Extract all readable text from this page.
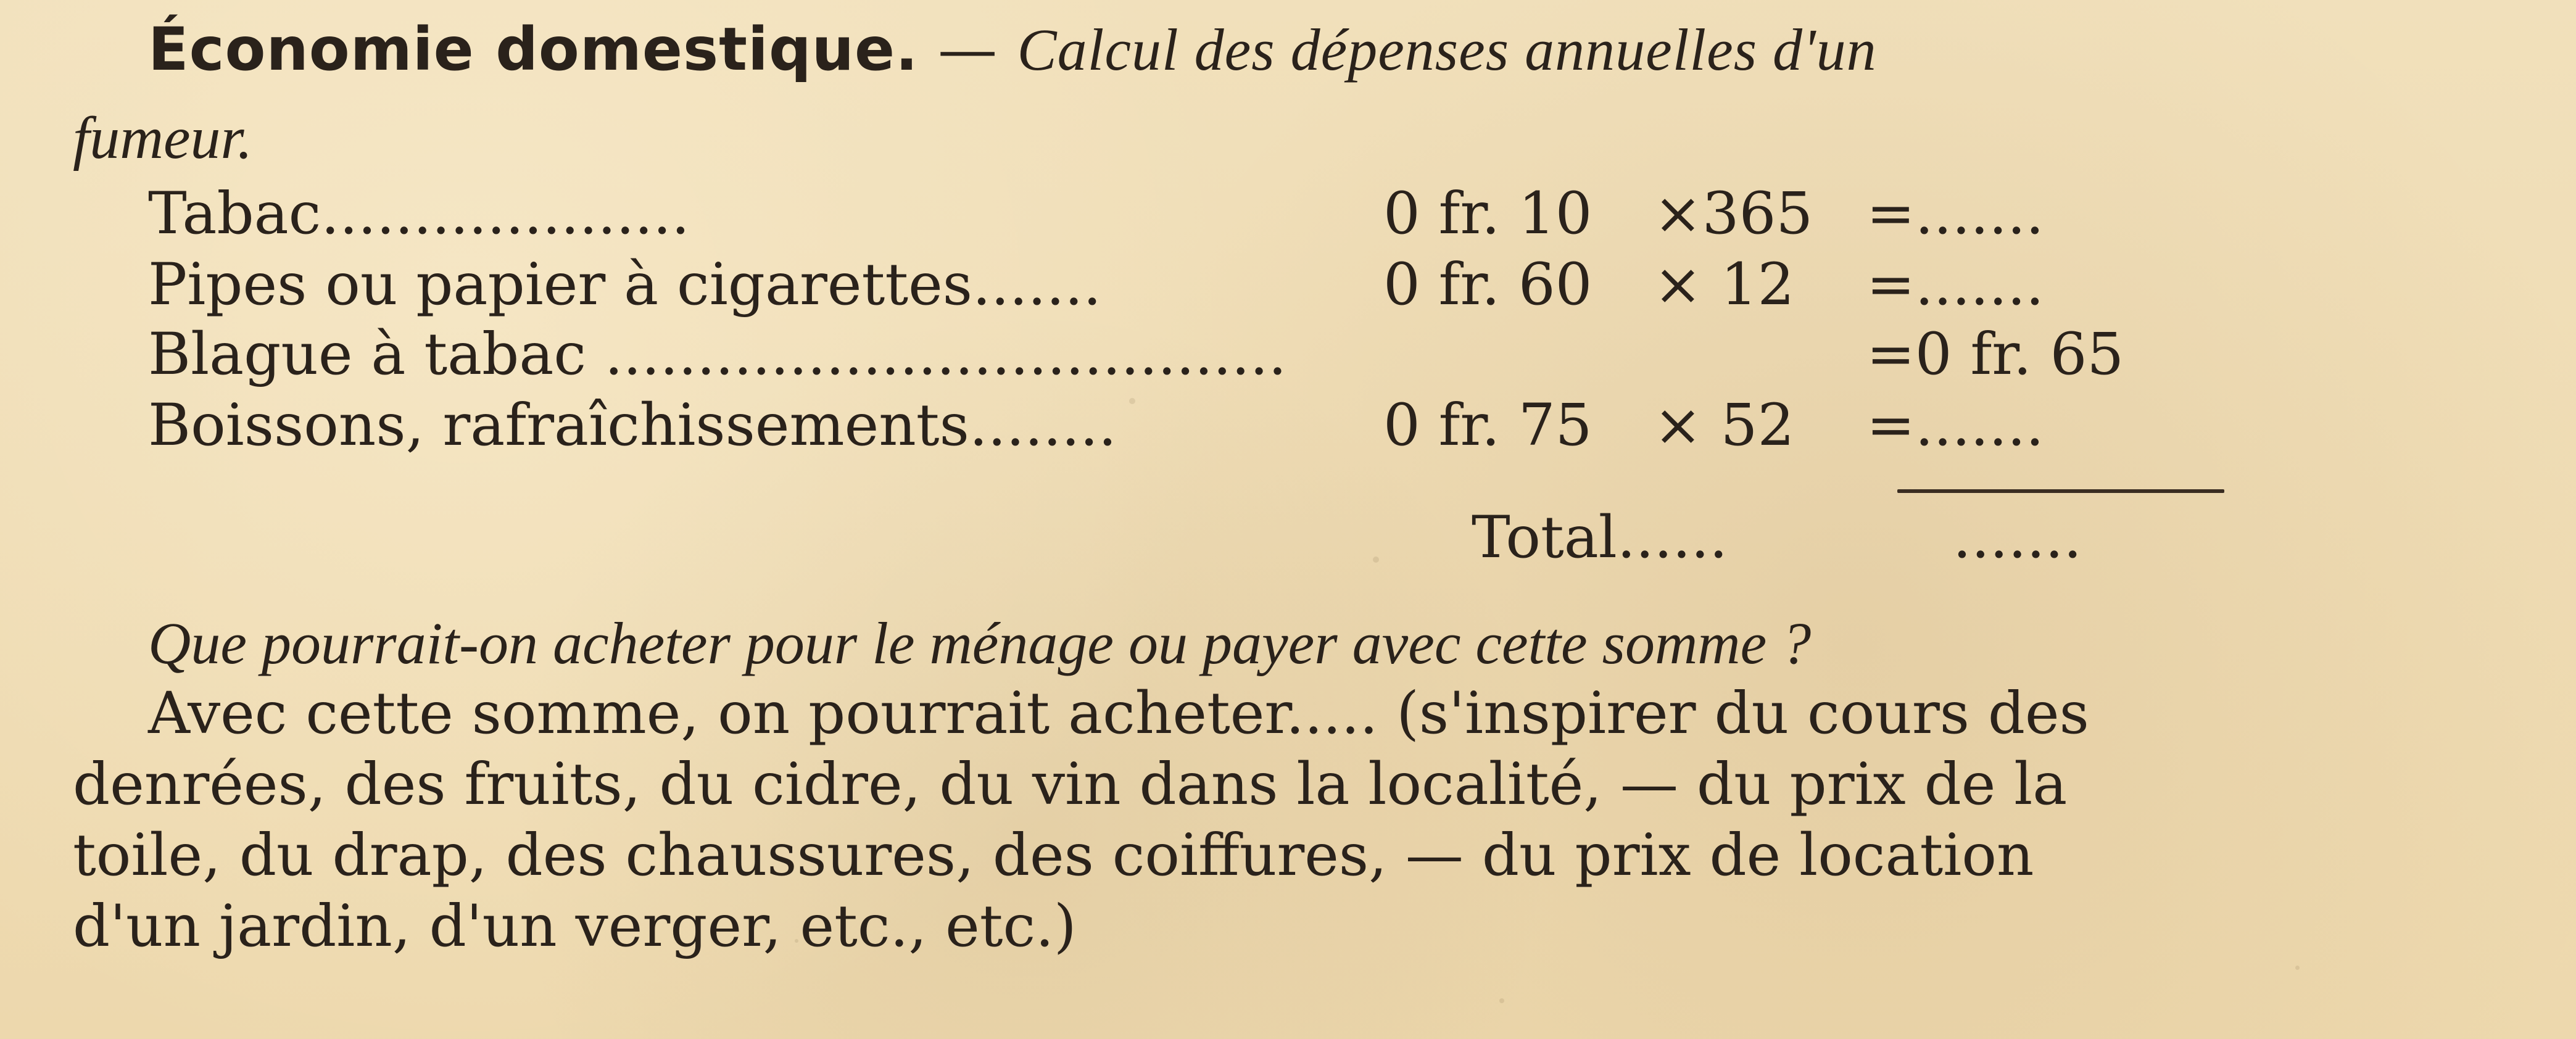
Économie domestique. — Calcul des dépenses annuelles d'un
fumeur.
Tabac....................	0 fr. 10 ×365 =.......
Pipes ou papier à cigarettes.......	0 fr. 60 × 12 =.......
Blague à tabac .....................................	=0 fr. 65
Boissons, rafraîchissements........	0 fr. 75 × 52 =.......
Total......	.......
Que pourrait-on acheter pour le ménage ou payer avec cette somme ?
Avec cette somme, on pourrait acheter..... (s'inspirer du cours des
denrées, des fruits, du cidre, du vin dans la localité, — du prix de la
toile, du drap, des chaussures, des coiffures, — du prix de location
d'un jardin, d'un verger, etc., etc.)
